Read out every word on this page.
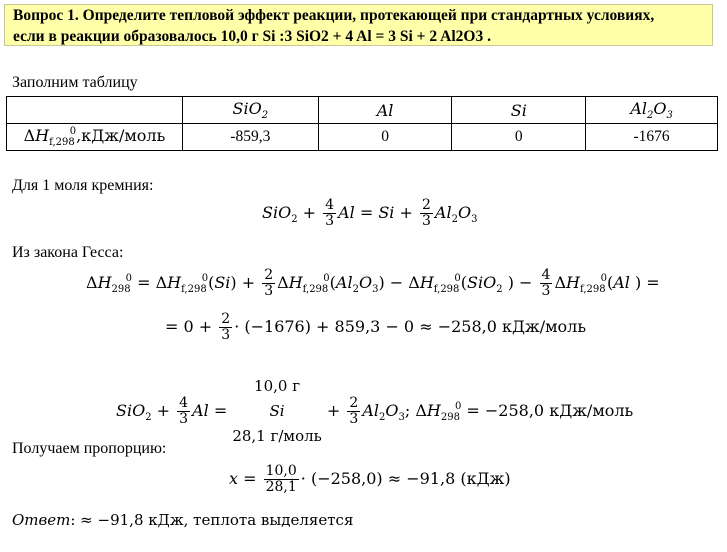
Вопрос 1. Определите тепловой эффект реакции, протекающей при стандартных условиях,
если в реакции образовалось 10,0 г Si :3 SiO2 + 4 Al = 3 Si + 2 Al2O3 .
Заполним таблицу
	SiO$_2$	Al	Si	$Al_2O_3$
$\Delta H_{f,298}^0,кДж$/моль	-859,3	0	0	-1676
Для 1 моля кремния:
$SiO_2 + \frac{4}{3}$ $Al = Si + \frac{2}{3} Al_2O_3$
Из закона Гесса:
$\Delta H_{298}^0 = \Delta H_{f,298}^0(Si) + \frac{2}{3} \Delta H_{f,298}^0(Al_2O_3) - \Delta H_{f,298}^0(SiO_2$ ) − $\frac{4}{3} \Delta H_{f,298}^0(Al$ ) =
= $0 + \frac{2}{3} \cdot (-1676) + 859,3 - 0 \approx -258,0$ кДж/моль
$SiO_2 + \frac{4}{3}$ Al =
10,0 г
Si
28,1 г/моль
+ $\frac{2}{3} Al_2O_3$; $\Delta H_{298}^0 = -258,0$ кДж/моль
Получаем пропорцию:
$x = \frac{10,0}{28,1} \cdot (-258,0) \approx -91,8$ (кДж)
Ответ: ≈ −91,8 кДж, теплота выделяется
